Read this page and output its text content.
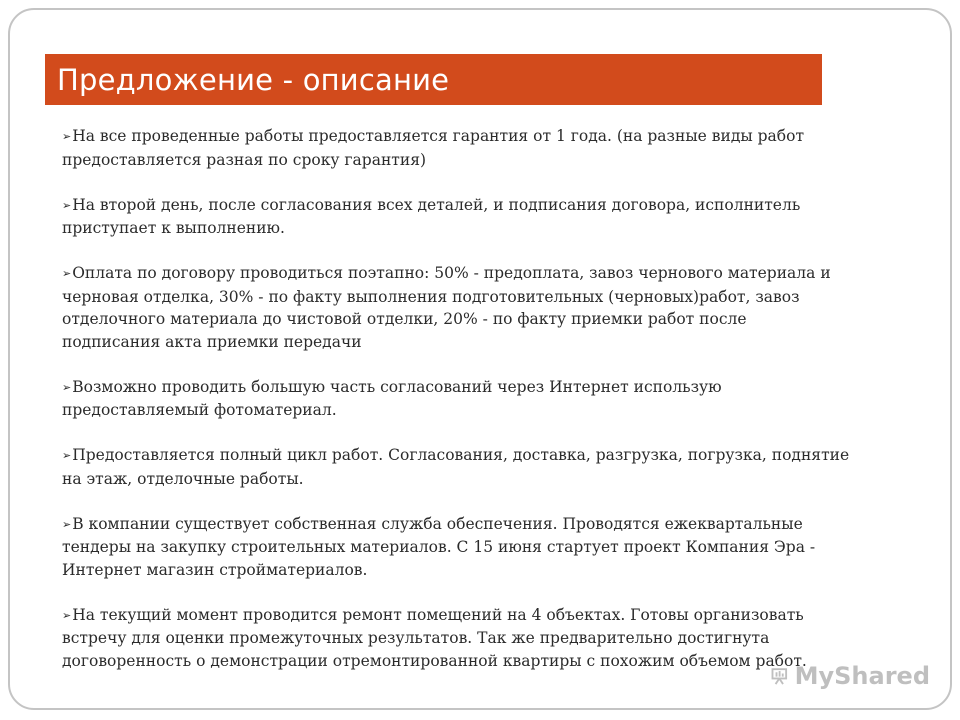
Предложение - описание
➢На все проведенные работы предоставляется гарантия от 1 года. (на разные виды работ
предоставляется разная по сроку гарантия)
➢На второй день, после согласования всех деталей, и подписания договора, исполнитель
приступает к выполнению.
➢Оплата по договору проводиться поэтапно: 50% - предоплата, завоз чернового материала и
черновая отделка, 30% - по факту выполнения подготовительных (черновых)работ, завоз
отделочного материала до чистовой отделки, 20% - по факту приемки работ после
подписания акта приемки передачи
➢Возможно проводить большую часть согласований через Интернет использую
предоставляемый фотоматериал.
➢Предоставляется полный цикл работ. Согласования, доставка, разгрузка, погрузка, поднятие
на этаж, отделочные работы.
➢В компании существует собственная служба обеспечения. Проводятся ежеквартальные
тендеры на закупку строительных материалов. С 15 июня стартует проект Компания Эра -
Интернет магазин стройматериалов.
➢На текущий момент проводится ремонт помещений на 4 объектах. Готовы организовать
встречу для оценки промежуточных результатов. Так же предварительно достигнута
договоренность о демонстрации отремонтированной квартиры с похожим объемом работ.
MyShared
